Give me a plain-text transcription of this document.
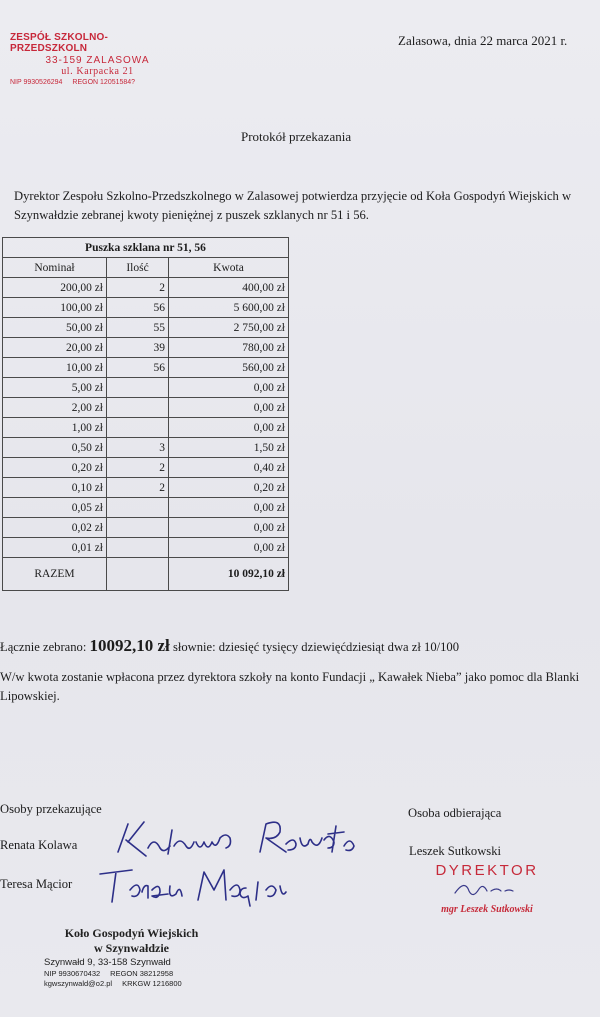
ZESPÓŁ SZKOLNO-PRZEDSZKOLN
33-159 ZALASOWA
ul. Karpacka 21
NIP 9930526294 REGON 12051584?
Zalasowa, dnia 22 marca 2021 r.
Protokół przekazania
Dyrektor Zespołu Szkolno-Przedszkolnego w Zalasowej potwierdza przyjęcie od Koła Gospodyń Wiejskich w Szynwałdzie zebranej kwoty pieniężnej z puszek szklanych nr 51 i 56.
Puszka szklana nr 51, 56		
Nominał	Ilość	Kwota
200,00 zł	2	400,00 zł
100,00 zł	56	5 600,00 zł
50,00 zł	55	2 750,00 zł
20,00 zł	39	780,00 zł
10,00 zł	56	560,00 zł
5,00 zł		0,00 zł
2,00 zł		0,00 zł
1,00 zł		0,00 zł
0,50 zł	3	1,50 zł
0,20 zł	2	0,40 zł
0,10 zł	2	0,20 zł
0,05 zł		0,00 zł
0,02 zł		0,00 zł
0,01 zł		0,00 zł
RAZEM		10 092,10 zł
Łącznie zebrano: 10092,10 zł słownie: dziesięć tysięcy dziewięćdziesiąt dwa zł 10/100
W/w kwota zostanie wpłacona przez dyrektora szkoły na konto Fundacji „ Kawałek Nieba” jako pomoc dla Blanki Lipowskiej.
Osoby przekazujące	Osoba odbierająca
Renata Kolawa
Teresa Mącior
Leszek Sutkowski
DYREKTOR
mgr Leszek Sutkowski
Koło Gospodyń Wiejskich
w Szynwałdzie
Szynwałd 9, 33-158 Szynwałd
NIP 9930670432 REGON 38212958
kgwszynwald@o2.pl KRKGW 1216800
